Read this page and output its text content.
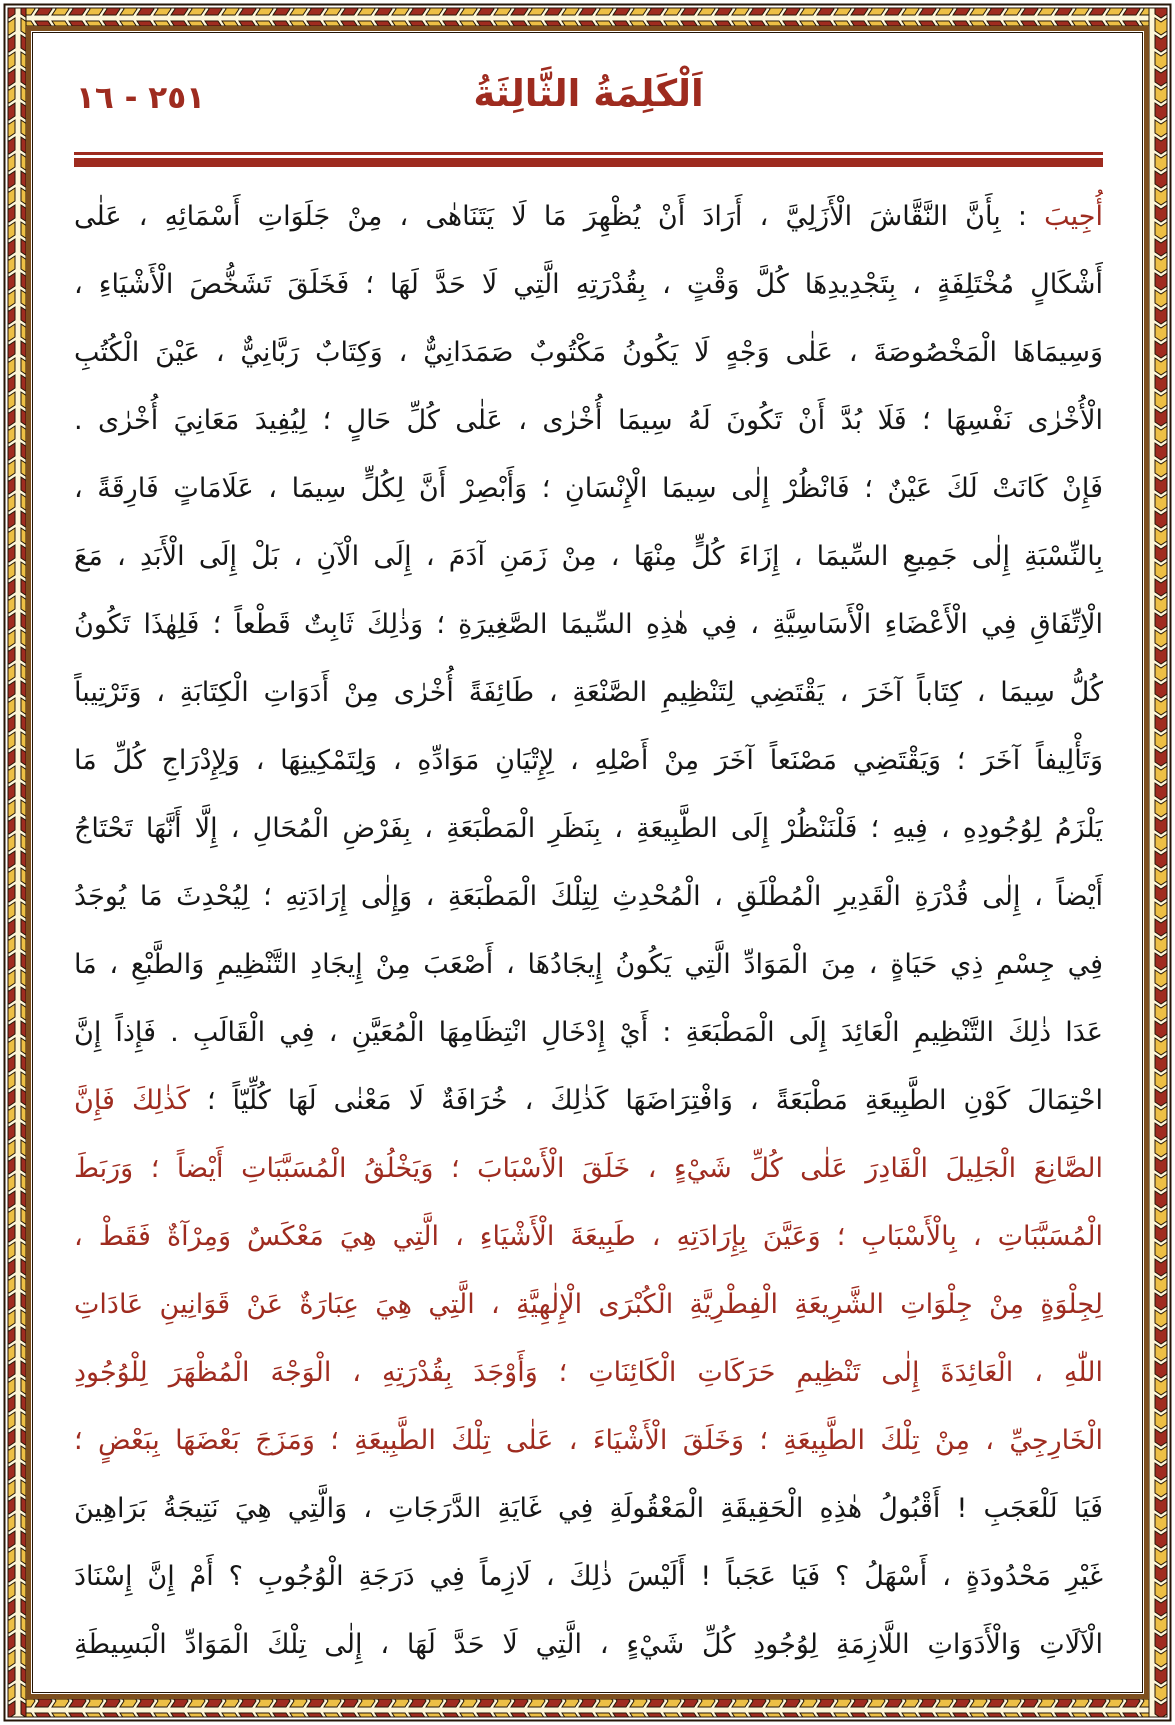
٢٥١ - ١٦	اَلْكَلِمَةُ الثَّالِثَةُ
أُجِيبَ : بِأَنَّ النَّقَّاشَ الْأَزَلِيَّ ، أَرَادَ أَنْ يُظْهِرَ مَا لَا يَتَنَاهٰى ، مِنْ جَلَوَاتِ أَسْمَائِهِ ، عَلٰى
أَشْكَالٍ مُخْتَلِفَةٍ ، بِتَجْدِيدِهَا كُلَّ وَقْتٍ ، بِقُدْرَتِهِ الَّتِي لَا حَدَّ لَهَا ؛ فَخَلَقَ تَشَخُّصَ الْأَشْيَاءِ ،
وَسِيمَاهَا الْمَخْصُوصَةَ ، عَلٰى وَجْهٍ لَا يَكُونُ مَكْتُوبٌ صَمَدَانِيٌّ ، وَكِتَابٌ رَبَّانِيٌّ ، عَيْنَ الْكُتُبِ
الْأُخْرٰى نَفْسِهَا ؛ فَلَا بُدَّ أَنْ تَكُونَ لَهُ سِيمَا أُخْرٰى ، عَلٰى كُلِّ حَالٍ ؛ لِيُفِيدَ مَعَانِيَ أُخْرٰى .
فَإِنْ كَانَتْ لَكَ عَيْنٌ ؛ فَانْظُرْ إِلٰى سِيمَا الْإِنْسَانِ ؛ وَأَبْصِرْ أَنَّ لِكُلٍّ سِيمَا ، عَلَامَاتٍ فَارِقَةً ،
بِالنِّسْبَةِ إِلٰى جَمِيعِ السِّيمَا ، إِزَاءَ كُلٍّ مِنْهَا ، مِنْ زَمَنِ آدَمَ ، إِلَى الْآنِ ، بَلْ إِلَى الْأَبَدِ ، مَعَ
الْاِتِّفَاقِ فِي الْأَعْضَاءِ الْأَسَاسِيَّةِ ، فِي هٰذِهِ السِّيمَا الصَّغِيرَةِ ؛ وَذٰلِكَ ثَابِتٌ قَطْعاً ؛ فَلِهٰذَا تَكُونُ
كُلُّ سِيمَا ، كِتَاباً آخَرَ ، يَقْتَضِي لِتَنْظِيمِ الصَّنْعَةِ ، طَائِفَةً أُخْرٰى مِنْ أَدَوَاتِ الْكِتَابَةِ ، وَتَرْتِيباً
وَتَأْلِيفاً آخَرَ ؛ وَيَقْتَضِي مَصْنَعاً آخَرَ مِنْ أَصْلِهِ ، لِإِتْيَانِ مَوَادِّهِ ، وَلِتَمْكِينِهَا ، وَلِإِدْرَاجِ كُلِّ مَا
يَلْزَمُ لِوُجُودِهِ ، فِيهِ ؛ فَلْنَنْظُرْ إِلَى الطَّبِيعَةِ ، بِنَظَرِ الْمَطْبَعَةِ ، بِفَرْضِ الْمُحَالِ ، إِلَّا أَنَّهَا تَحْتَاجُ
أَيْضاً ، إِلٰى قُدْرَةِ الْقَدِيرِ الْمُطْلَقِ ، الْمُحْدِثِ لِتِلْكَ الْمَطْبَعَةِ ، وَإِلٰى إِرَادَتِهِ ؛ لِيُحْدِثَ مَا يُوجَدُ
فِي جِسْمِ ذِي حَيَاةٍ ، مِنَ الْمَوَادِّ الَّتِي يَكُونُ إِيجَادُهَا ، أَصْعَبَ مِنْ إِيجَادِ التَّنْظِيمِ وَالطَّبْعِ ، مَا
عَدَا ذٰلِكَ التَّنْظِيمِ الْعَائِدَ إِلَى الْمَطْبَعَةِ : أَيْ إِدْخَالِ انْتِظَامِهَا الْمُعَيَّنِ ، فِي الْقَالَبِ . فَإِذاً إِنَّ
احْتِمَالَ كَوْنِ الطَّبِيعَةِ مَطْبَعَةً ، وَافْتِرَاضَهَا كَذٰلِكَ ، خُرَافَةٌ لَا مَعْنٰى لَهَا كُلِّيّاً ؛ كَذٰلِكَ فَإِنَّ
الصَّانِعَ الْجَلِيلَ الْقَادِرَ عَلٰى كُلِّ شَيْءٍ ، خَلَقَ الْأَسْبَابَ ؛ وَيَخْلُقُ الْمُسَبَّبَاتِ أَيْضاً ؛ وَرَبَطَ
الْمُسَبَّبَاتِ ، بِالْأَسْبَابِ ؛ وَعَيَّنَ بِإِرَادَتِهِ ، طَبِيعَةَ الْأَشْيَاءِ ، الَّتِي هِيَ مَعْكَسٌ وَمِرْآةٌ فَقَطْ ،
لِجِلْوَةٍ مِنْ جِلْوَاتِ الشَّرِيعَةِ الْفِطْرِيَّةِ الْكُبْرَى الْإِلٰهِيَّةِ ، الَّتِي هِيَ عِبَارَةٌ عَنْ قَوَانِينِ عَادَاتِ
اللّٰهِ ، الْعَائِدَةَ إِلٰى تَنْظِيمِ حَرَكَاتِ الْكَائِنَاتِ ؛ وَأَوْجَدَ بِقُدْرَتِهِ ، الْوَجْهَ الْمُظْهَرَ لِلْوُجُودِ
الْخَارِجِيِّ ، مِنْ تِلْكَ الطَّبِيعَةِ ؛ وَخَلَقَ الْأَشْيَاءَ ، عَلٰى تِلْكَ الطَّبِيعَةِ ؛ وَمَزَجَ بَعْضَهَا بِبَعْضٍ ؛
فَيَا لَلْعَجَبِ ! أَقْبُولُ هٰذِهِ الْحَقِيقَةِ الْمَعْقُولَةِ فِي غَايَةِ الدَّرَجَاتِ ، وَالَّتِي هِيَ نَتِيجَةُ بَرَاهِينَ
غَيْرِ مَحْدُودَةٍ ، أَسْهَلُ ؟ فَيَا عَجَباً ! أَلَيْسَ ذٰلِكَ ، لَازِماً فِي دَرَجَةِ الْوُجُوبِ ؟ أَمْ إِنَّ إِسْنَادَ
الْآلَاتِ وَالْأَدَوَاتِ اللَّازِمَةِ لِوُجُودِ كُلِّ شَيْءٍ ، الَّتِي لَا حَدَّ لَهَا ، إِلٰى تِلْكَ الْمَوَادِّ الْبَسِيطَةِ
